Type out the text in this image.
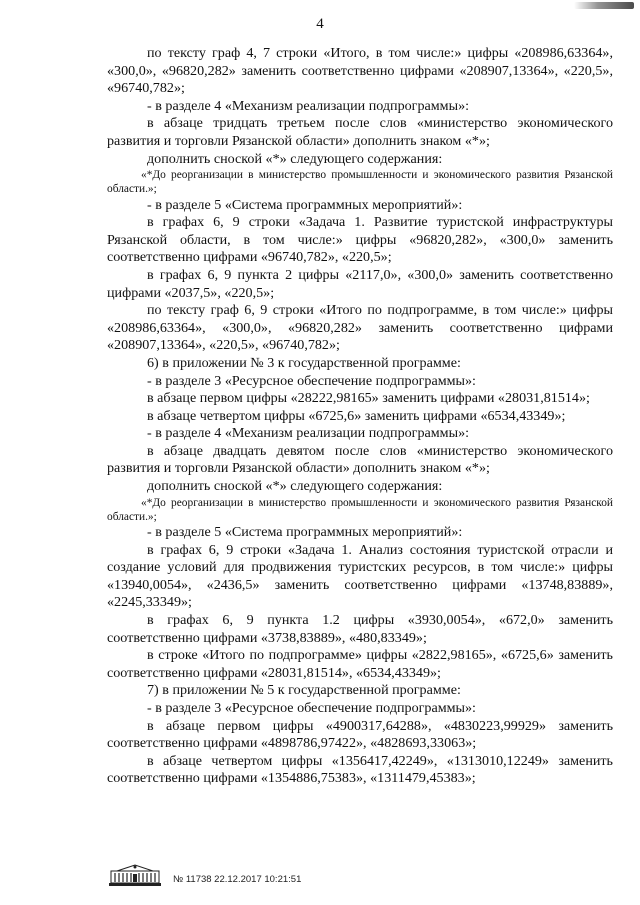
4

по тексту граф 4, 7 строки «Итого, в том числе:» цифры «208986,63364», «300,0», «96820,282» заменить соответственно цифрами «208907,13364», «220,5», «96740,782»;

- в разделе 4 «Механизм реализации подпрограммы»:

в абзаце тридцать третьем после слов «министерство экономического развития и торговли Рязанской области» дополнить знаком «*»;

дополнить сноской «*» следующего содержания:

«*До реорганизации в министерство промышленности и экономического развития Рязанской области.»;

- в разделе 5 «Система программных мероприятий»:

в графах 6, 9 строки «Задача 1. Развитие туристской инфраструктуры Рязанской области, в том числе:» цифры «96820,282», «300,0» заменить соответственно цифрами «96740,782», «220,5»;

в графах 6, 9 пункта 2 цифры «2117,0», «300,0» заменить соответственно цифрами «2037,5», «220,5»;

по тексту граф 6, 9 строки «Итого по подпрограмме, в том числе:» цифры «208986,63364», «300,0», «96820,282» заменить соответственно цифрами «208907,13364», «220,5», «96740,782»;

6) в приложении № 3 к государственной программе:

- в разделе 3 «Ресурсное обеспечение подпрограммы»:

в абзаце первом цифры «28222,98165» заменить цифрами «28031,81514»;

в абзаце четвертом цифры «6725,6» заменить цифрами «6534,43349»;

- в разделе 4 «Механизм реализации подпрограммы»:

в абзаце двадцать девятом после слов «министерство экономического развития и торговли Рязанской области» дополнить знаком «*»;

дополнить сноской «*» следующего содержания:

«*До реорганизации в министерство промышленности и экономического развития Рязанской области.»;

- в разделе 5 «Система программных мероприятий»:

в графах 6, 9 строки «Задача 1. Анализ состояния туристской отрасли и создание условий для продвижения туристских ресурсов, в том числе:» цифры «13940,0054», «2436,5» заменить соответственно цифрами «13748,83889», «2245,33349»;

в графах 6, 9 пункта 1.2 цифры «3930,0054», «672,0» заменить соответственно цифрами «3738,83889», «480,83349»;

в строке «Итого по подпрограмме» цифры «2822,98165», «6725,6» заменить соответственно цифрами «28031,81514», «6534,43349»;

7) в приложении № 5 к государственной программе:

- в разделе 3 «Ресурсное обеспечение подпрограммы»:

в абзаце первом цифры «4900317,64288», «4830223,99929» заменить соответственно цифрами «4898786,97422», «4828693,33063»;

в абзаце четвертом цифры «1356417,42249», «1313010,12249» заменить соответственно цифрами «1354886,75383», «1311479,45383»;

№ 11738 22.12.2017 10:21:51
